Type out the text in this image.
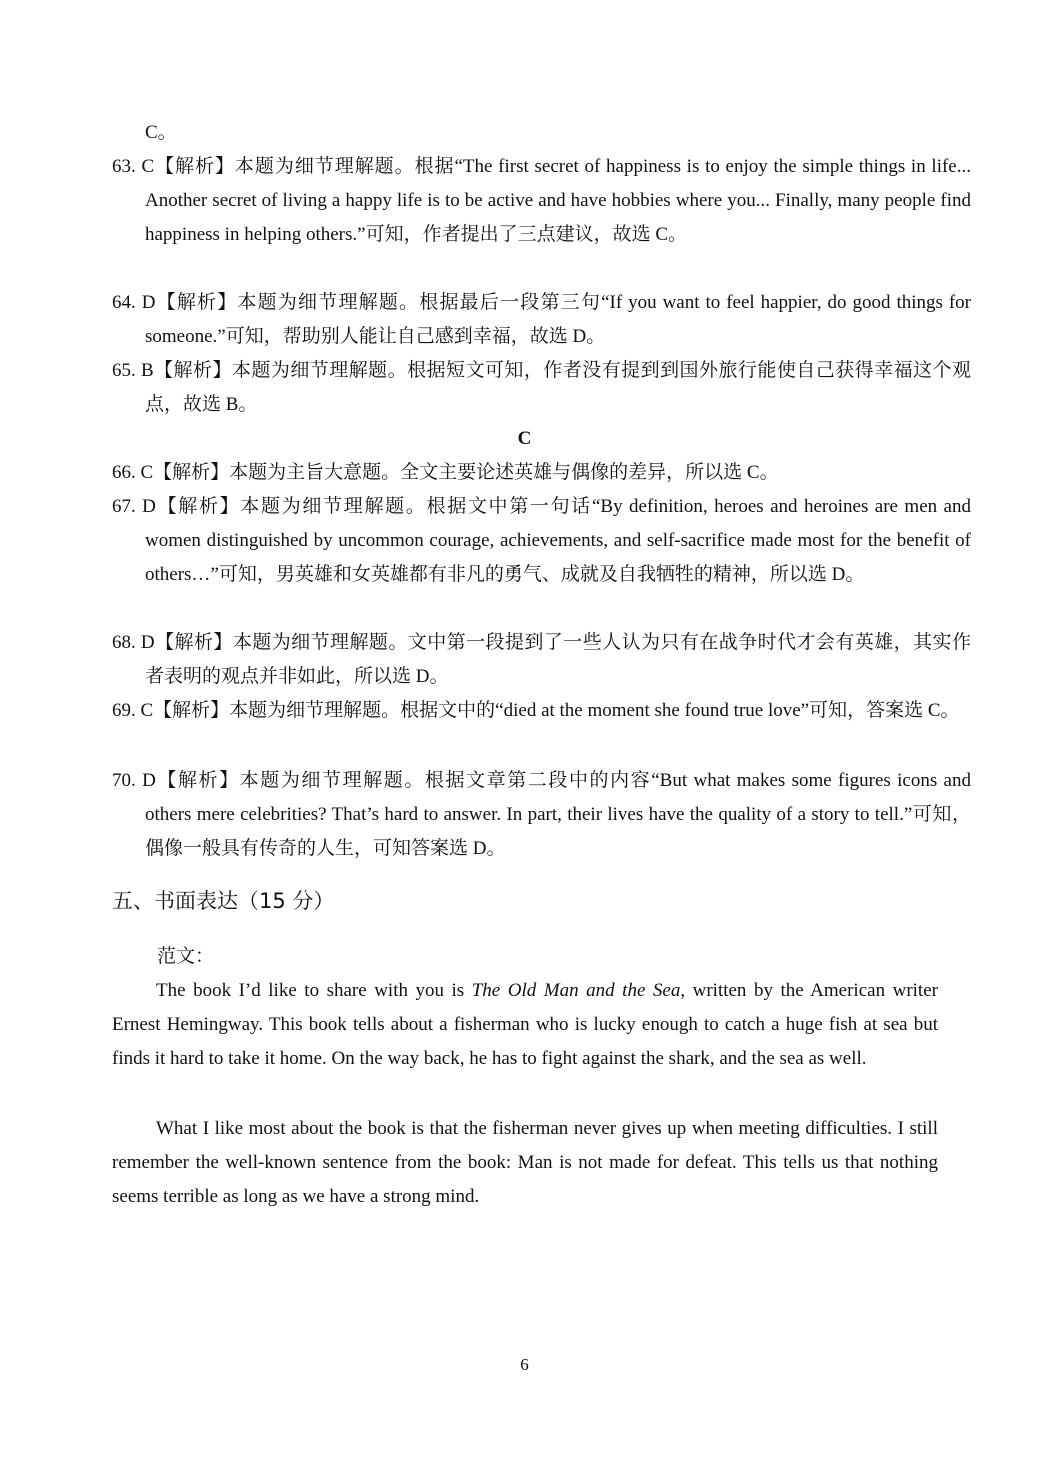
C。

63. C【解析】本题为细节理解题。根据“The first secret of happiness is to enjoy the simple things in life... Another secret of living a happy life is to be active and have hobbies where you... Finally, many people find happiness in helping others.”可知，作者提出了三点建议，故选 C。

64. D【解析】本题为细节理解题。根据最后一段第三句“If you want to feel happier, do good things for someone.”可知，帮助别人能让自己感到幸福，故选 D。

65. B【解析】本题为细节理解题。根据短文可知，作者没有提到到国外旅行能使自己获得幸福这个观点，故选 B。

C

66. C【解析】本题为主旨大意题。全文主要论述英雄与偶像的差异，所以选 C。

67. D【解析】本题为细节理解题。根据文中第一句话“By definition, heroes and heroines are men and women distinguished by uncommon courage, achievements, and self-sacrifice made most for the benefit of others…”可知，男英雄和女英雄都有非凡的勇气、成就及自我牺牲的精神，所以选 D。

68. D【解析】本题为细节理解题。文中第一段提到了一些人认为只有在战争时代才会有英雄，其实作者表明的观点并非如此，所以选 D。

69. C【解析】本题为细节理解题。根据文中的“died at the moment she found true love”可知，答案选 C。

70. D【解析】本题为细节理解题。根据文章第二段中的内容“But what makes some figures icons and others mere celebrities? That’s hard to answer. In part, their lives have the quality of a story to tell.”可知，偶像一般具有传奇的人生，可知答案选 D。

五、书面表达（15 分）

范文：

The book I’d like to share with you is The Old Man and the Sea, written by the American writer Ernest Hemingway. This book tells about a fisherman who is lucky enough to catch a huge fish at sea but finds it hard to take it home. On the way back, he has to fight against the shark, and the sea as well.

What I like most about the book is that the fisherman never gives up when meeting difficulties. I still remember the well-known sentence from the book: Man is not made for defeat. This tells us that nothing seems terrible as long as we have a strong mind.

6
